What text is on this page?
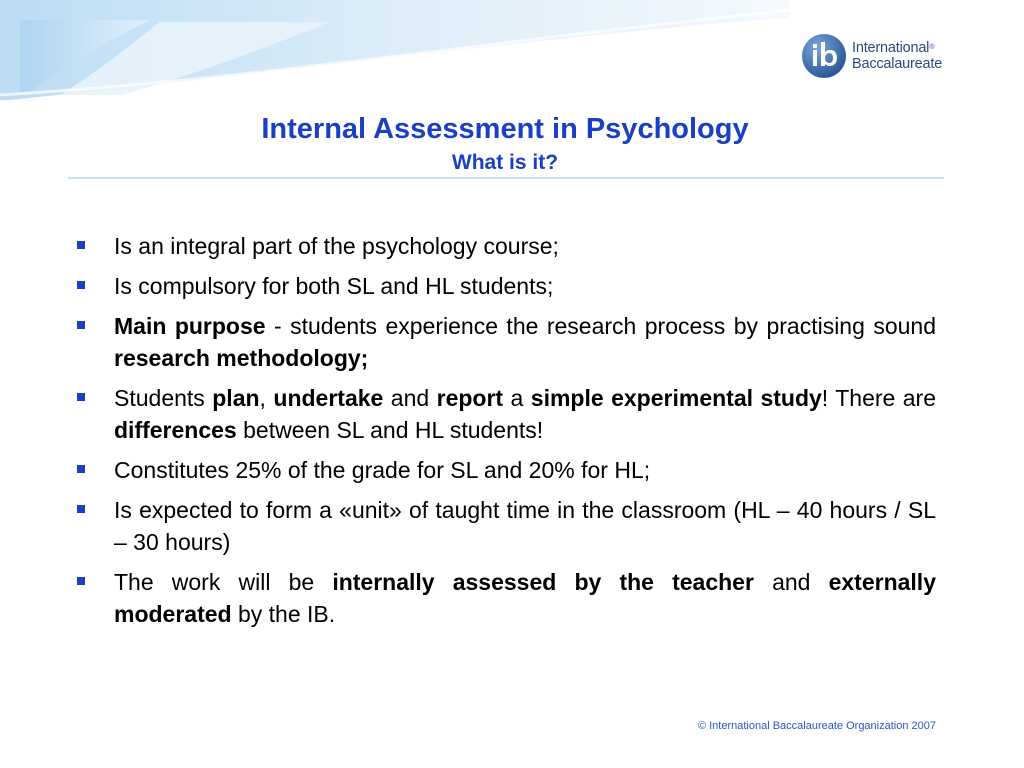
International®
Baccalaureate
Internal Assessment in Psychology
What is it?
Is an integral part of the psychology course;
Is compulsory for both SL and HL students;
Main purpose - students experience the research process by practising sound research methodology;
Students plan, undertake and report a simple experimental study! There are differences between SL and HL students!
Constitutes 25% of the grade for SL and 20% for HL;
Is expected to form a «unit» of taught time in the classroom (HL – 40 hours / SL – 30 hours)
The work will be internally assessed by the teacher and externally moderated by the IB.
© International Baccalaureate Organization 2007
